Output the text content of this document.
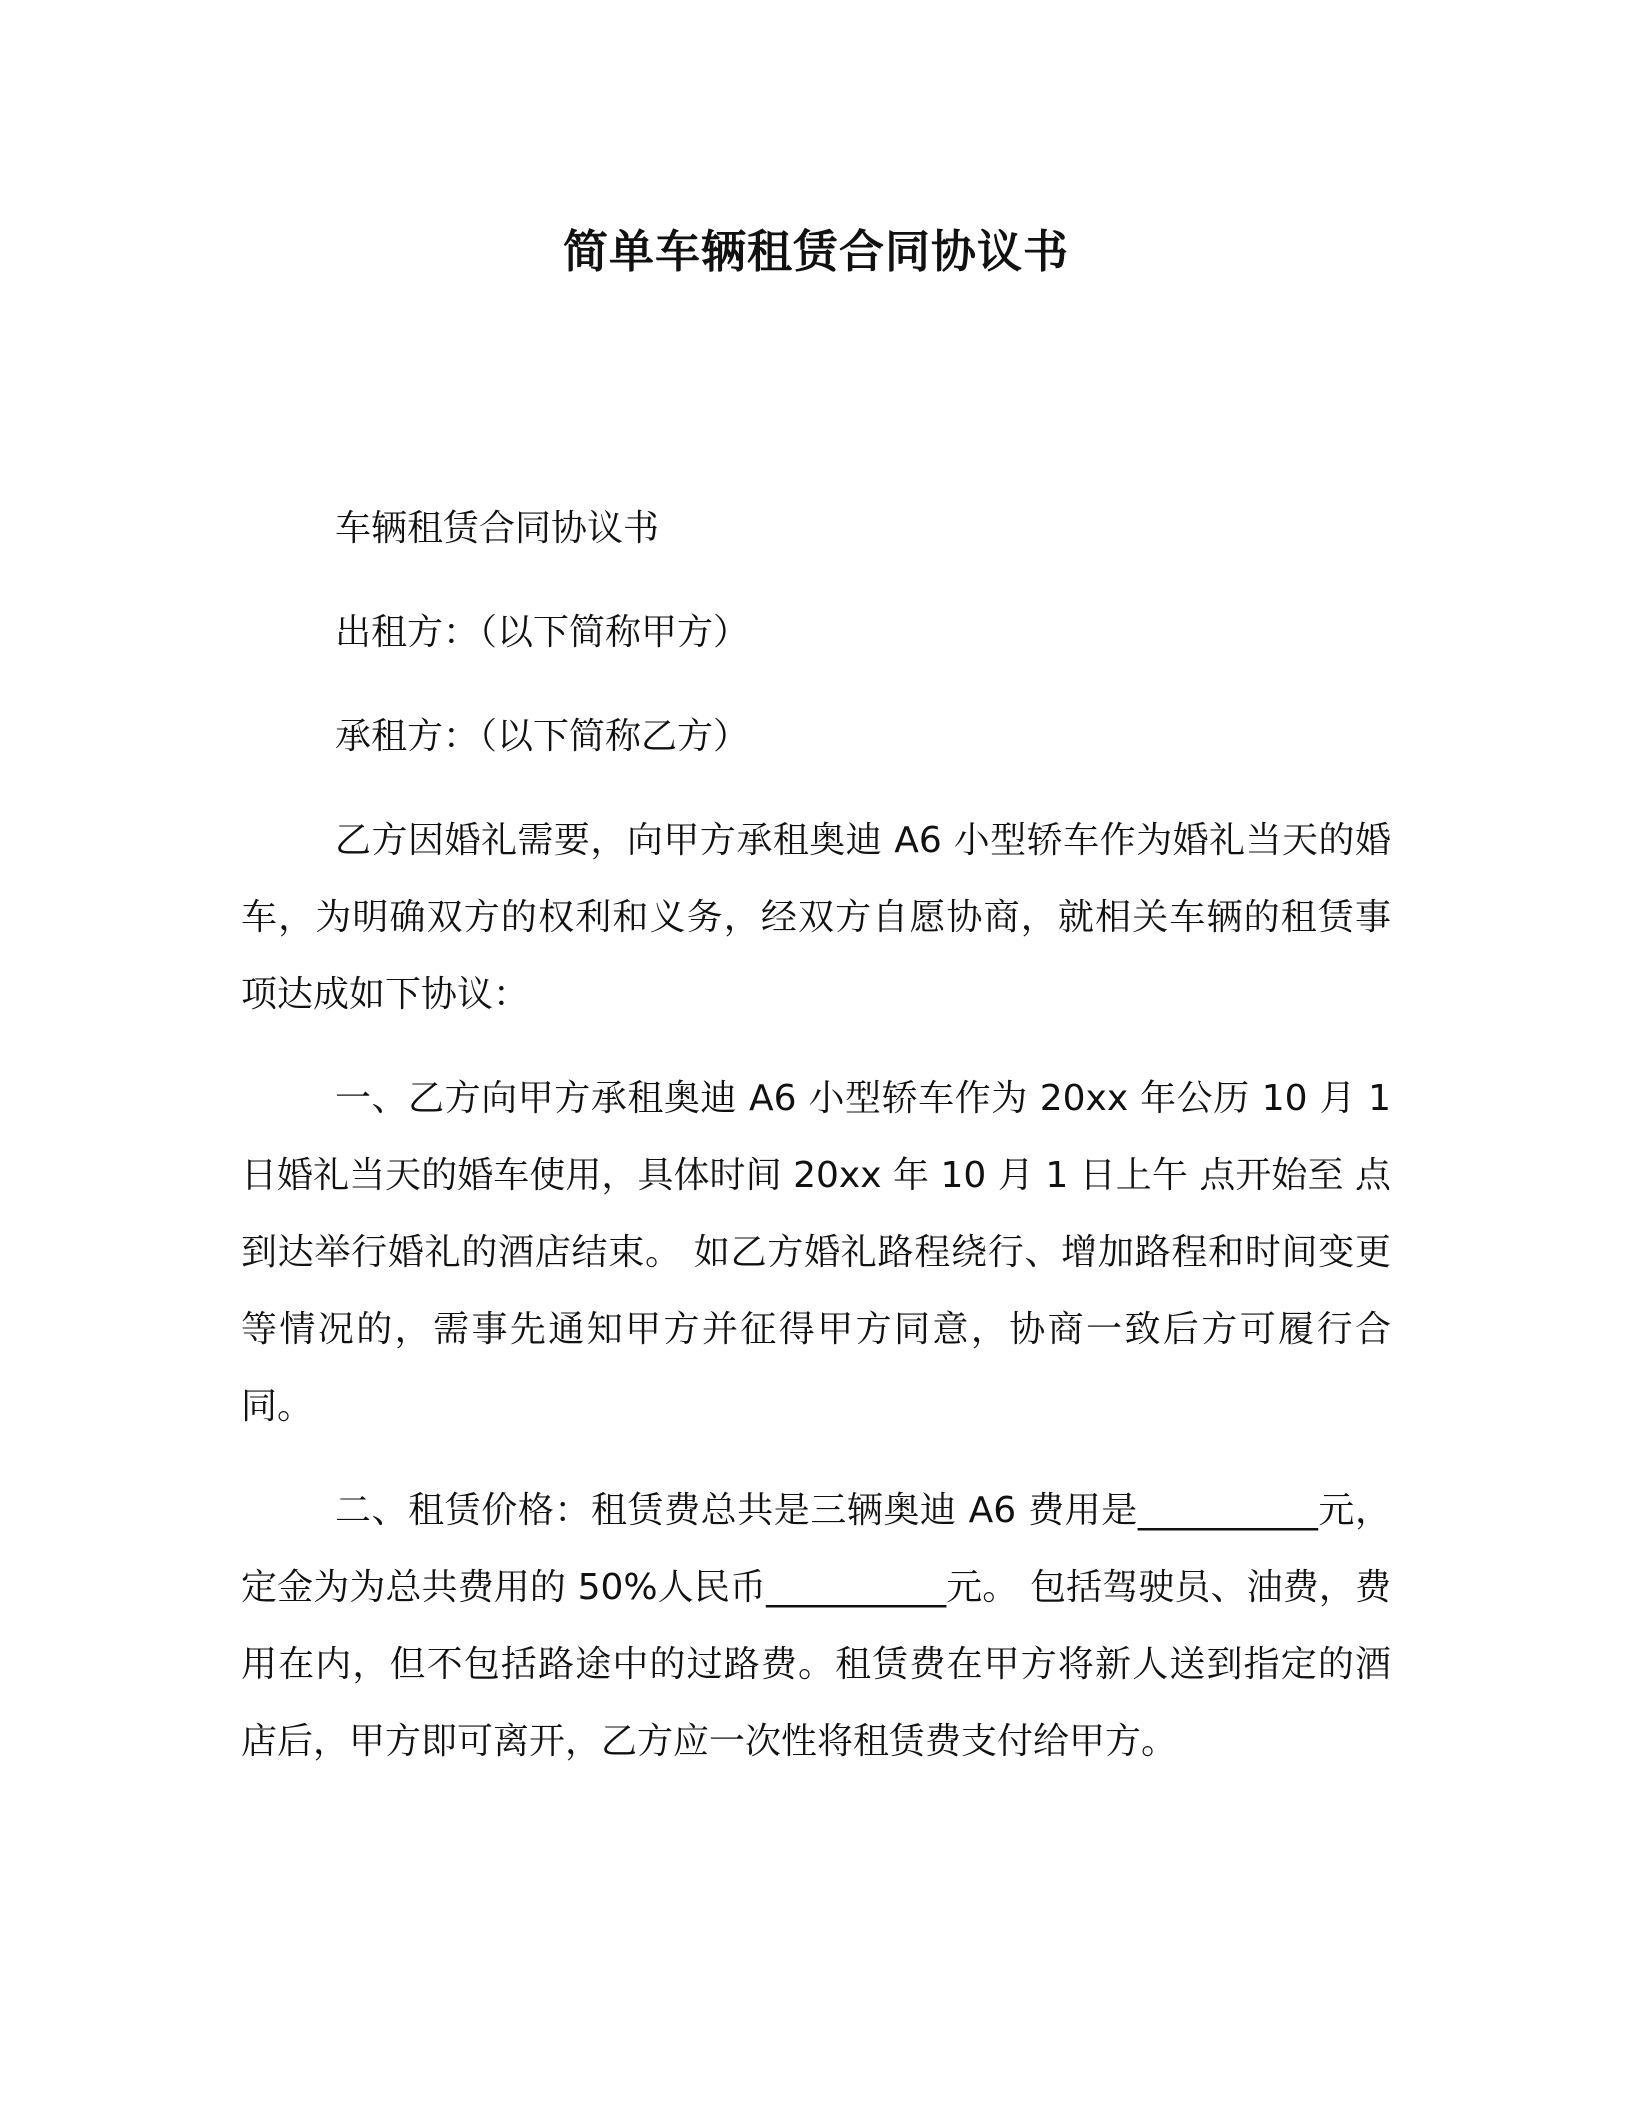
简单车辆租赁合同协议书

车辆租赁合同协议书

出租方：（以下简称甲方）

承租方：（以下简称乙方）

乙方因婚礼需要，向甲方承租奥迪 A6 小型轿车作为婚礼当天的婚车，为明确双方的权利和义务，经双方自愿协商，就相关车辆的租赁事项达成如下协议：

一、乙方向甲方承租奥迪 A6 小型轿车作为 20xx 年公历 10 月 1 日婚礼当天的婚车使用，具体时间 20xx 年 10 月 1 日上午 点开始至 点到达举行婚礼的酒店结束。 如乙方婚礼路程绕行、增加路程和时间变更等情况的，需事先通知甲方并征得甲方同意，协商一致后方可履行合同。

二、租赁价格：租赁费总共是三辆奥迪 A6 费用是__________元，定金为为总共费用的 50%人民币__________元。 包括驾驶员、油费，费用在内，但不包括路途中的过路费。租赁费在甲方将新人送到指定的酒店后，甲方即可离开，乙方应一次性将租赁费支付给甲方。
